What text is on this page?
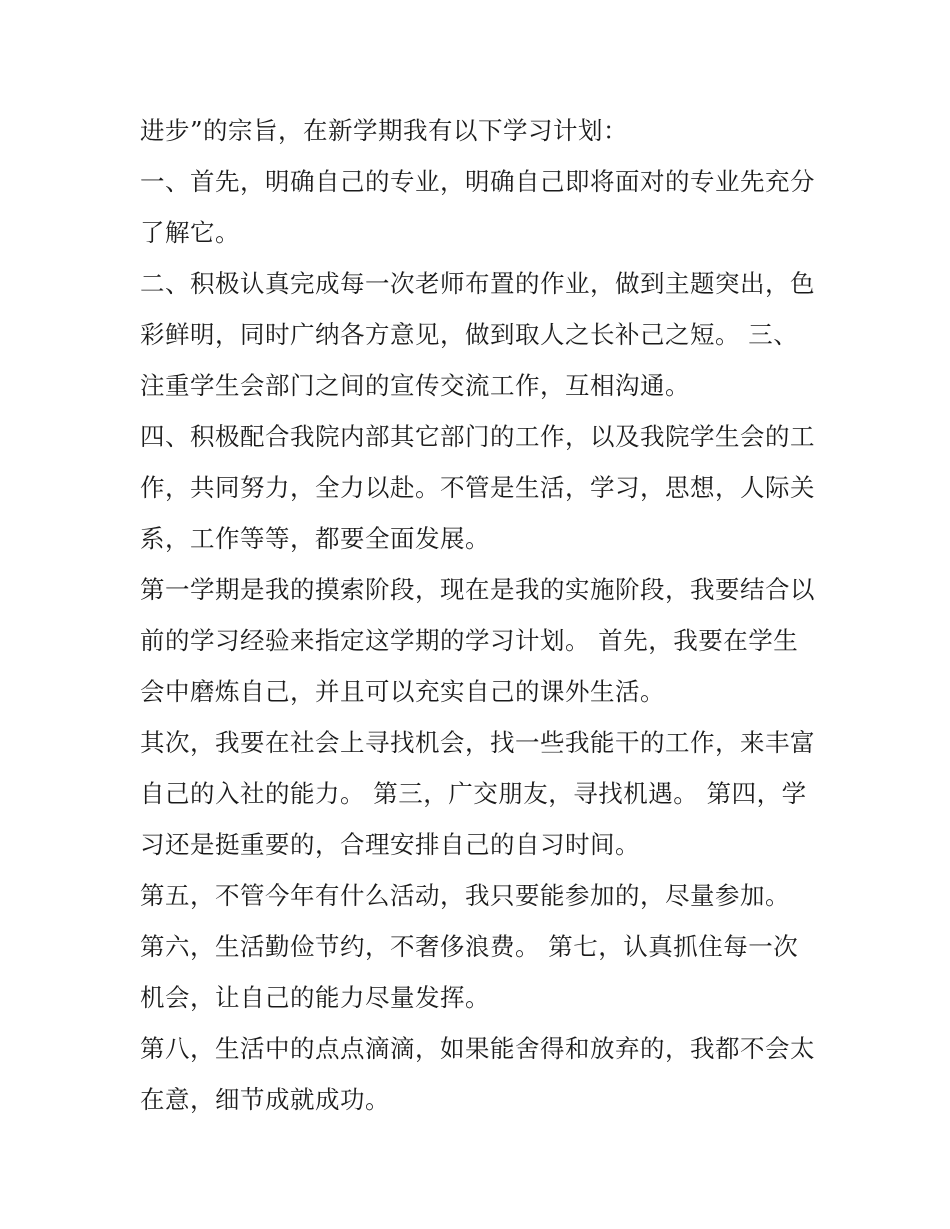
进步”的宗旨，在新学期我有以下学习计划：
一、首先，明确自己的专业，明确自己即将面对的专业先充分
了解它。
二、积极认真完成每一次老师布置的作业，做到主题突出，色
彩鲜明，同时广纳各方意见，做到取人之长补己之短。 三、
注重学生会部门之间的宣传交流工作，互相沟通。
四、积极配合我院内部其它部门的工作，以及我院学生会的工
作，共同努力，全力以赴。不管是生活，学习，思想，人际关
系，工作等等，都要全面发展。
第一学期是我的摸索阶段，现在是我的实施阶段，我要结合以
前的学习经验来指定这学期的学习计划。 首先，我要在学生
会中磨炼自己，并且可以充实自己的课外生活。
其次，我要在社会上寻找机会，找一些我能干的工作，来丰富
自己的入社的能力。 第三，广交朋友，寻找机遇。 第四，学
习还是挺重要的，合理安排自己的自习时间。
第五，不管今年有什么活动，我只要能参加的，尽量参加。
第六，生活勤俭节约，不奢侈浪费。 第七，认真抓住每一次
机会，让自己的能力尽量发挥。
第八，生活中的点点滴滴，如果能舍得和放弃的，我都不会太
在意，细节成就成功。
